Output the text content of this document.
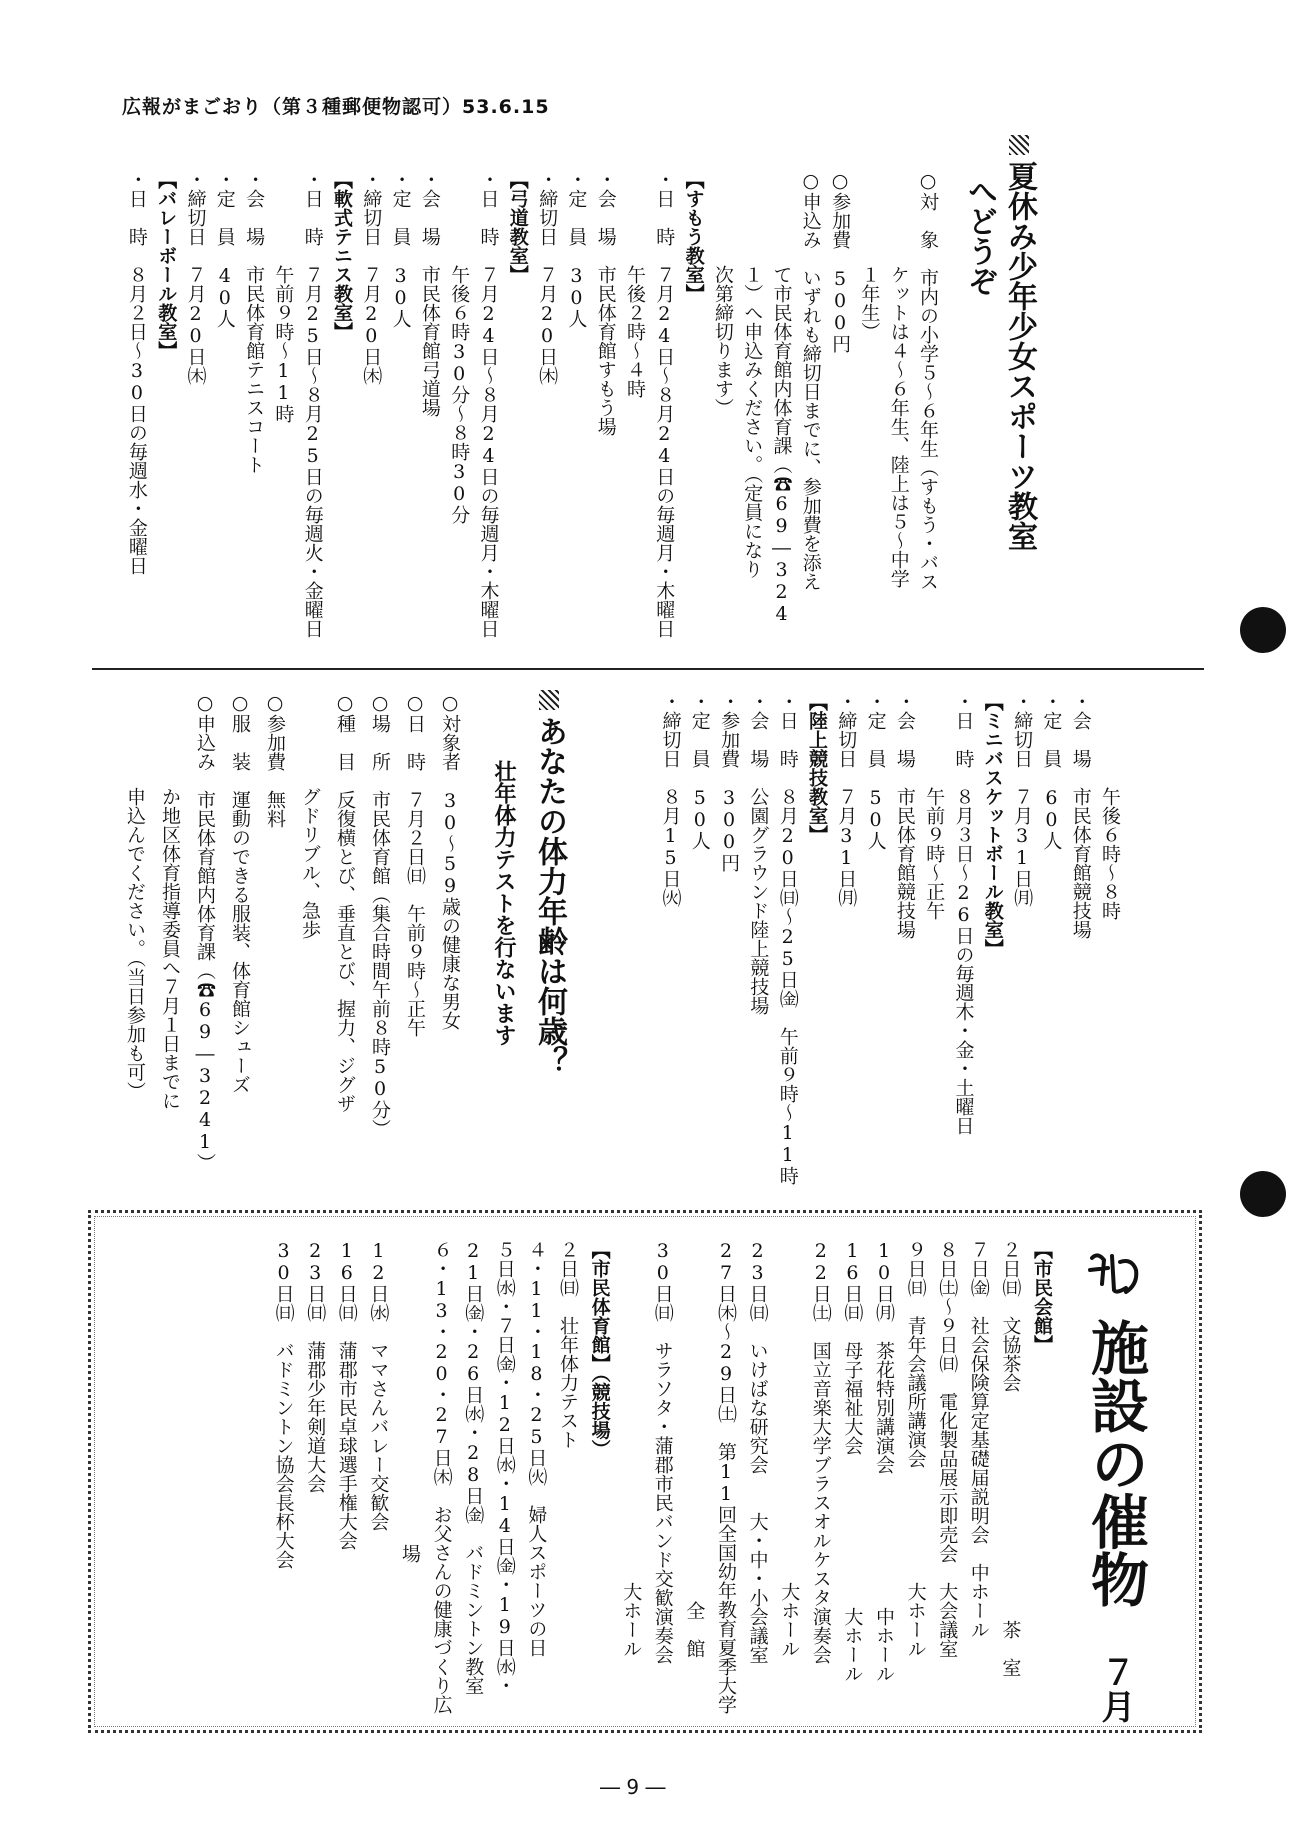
広報がまごおり（第３種郵便物認可）53.6.15
夏休み少年少女スポーツ教室
へどうぞ
○対　象　市内の小学５〜６年生（すもう・バス
　　　　　ケットは４〜６年生、陸上は５〜中学
　　　　　１年生）
○参加費　500円
○申込み　いずれも締切日までに、参加費を添え
　　　　　て市民体育館内体育課（☎69―324
　　　　　１）へ申込みください。（定員になり
　　　　　次第締切ります）
【すもう教室】
・日　時　７月24日〜８月24日の毎週月・木曜日
　　　　　午後２時〜４時
・会　場　市民体育館すもう場
・定　員　30人
・締切日　７月20日㈭
【弓道教室】
・日　時　７月24日〜８月24日の毎週月・木曜日
　　　　　午後６時30分〜８時30分
・会　場　市民体育館弓道場
・定　員　30人
・締切日　７月20日㈭
【軟式テニス教室】
・日　時　７月25日〜８月25日の毎週火・金曜日
　　　　　午前９時〜11時
・会　場　市民体育館テニスコート
・定　員　40人
・締切日　７月20日㈭
【バレーボール教室】
・日　時　８月２日〜30日の毎週水・金曜日
　　　　　午後６時〜８時
・会　場　市民体育館競技場
・定　員　60人
・締切日　７月31日㈪
【ミニバスケットボール教室】
・日　時　８月３日〜26日の毎週木・金・土曜日
　　　　　午前９時〜正午
・会　場　市民体育館競技場
・定　員　50人
・締切日　７月31日㈪
【陸上競技教室】
・日　時　８月20日㈰〜25日㈮　午前９時〜11時
・会　場　公園グラウンド陸上競技場
・参加費　300円
・定　員　50人
・締切日　８月15日㈫
あなたの体力年齢は何歳？
壮年体力テストを行ないます
○対象者　30〜59歳の健康な男女
○日　時　７月２日㈰　午前９時〜正午
○場　所　市民体育館（集合時間午前８時50分）
○種　目　反復横とび、垂直とび、握力、ジグザ
　　　　　グドリブル、急歩
○参加費　無料
○服　装　運動のできる服装、体育館シューズ
○申込み　市民体育館内体育課（☎69―3241）
　　　　　か地区体育指導委員へ７月１日までに
　　　　　申込んでください。（当日参加も可）
施設の催物
７月
【市民会館】
２日㈰　文協茶会　　　　　　　　　　　　茶　室
７日㈮　社会保険算定基礎届説明会　中ホール
８日㈯〜９日㈰　電化製品展示即売会　大会議室
９日㈰　青年会議所講演会　　　　　　大ホール
10日㈪　茶花特別講演会　　　　　　　中ホール
16日㈰　母子福祉大会　　　　　　　　大ホール
22日㈯　国立音楽大学ブラスオルケスタ演奏会
　　　　　　　　　　　　　　　　　　大ホール
23日㈰　いけばな研究会　　大・中・小会議室
27日㈭〜29日㈯　第11回全国幼年教育夏季大学
　　　　　　　　　　　　　　　　　　　全　館
30日㈰　サラソタ・蒲郡市民バンド交歓演奏会
　　　　　　　　　　　　　　　　　　大ホール
【市民体育館】（競技場）
２日㈰　壮年体力テスト
４・11・18・25日㈫　婦人スポーツの日
５日㈬・７日㈮・12日㈬・14日㈮・19日㈬・
21日㈮・26日㈬・28日㈮　バドミントン教室
６・13・20・27日㈭　お父さんの健康づくり広
　　　　　　　　　　　　　　　　場
12日㈬　ママさんバレー交歓会
16日㈰　蒲郡市民卓球選手権大会
23日㈰　蒲郡少年剣道大会
30日㈰　バドミントン協会長杯大会
― 9 ―
